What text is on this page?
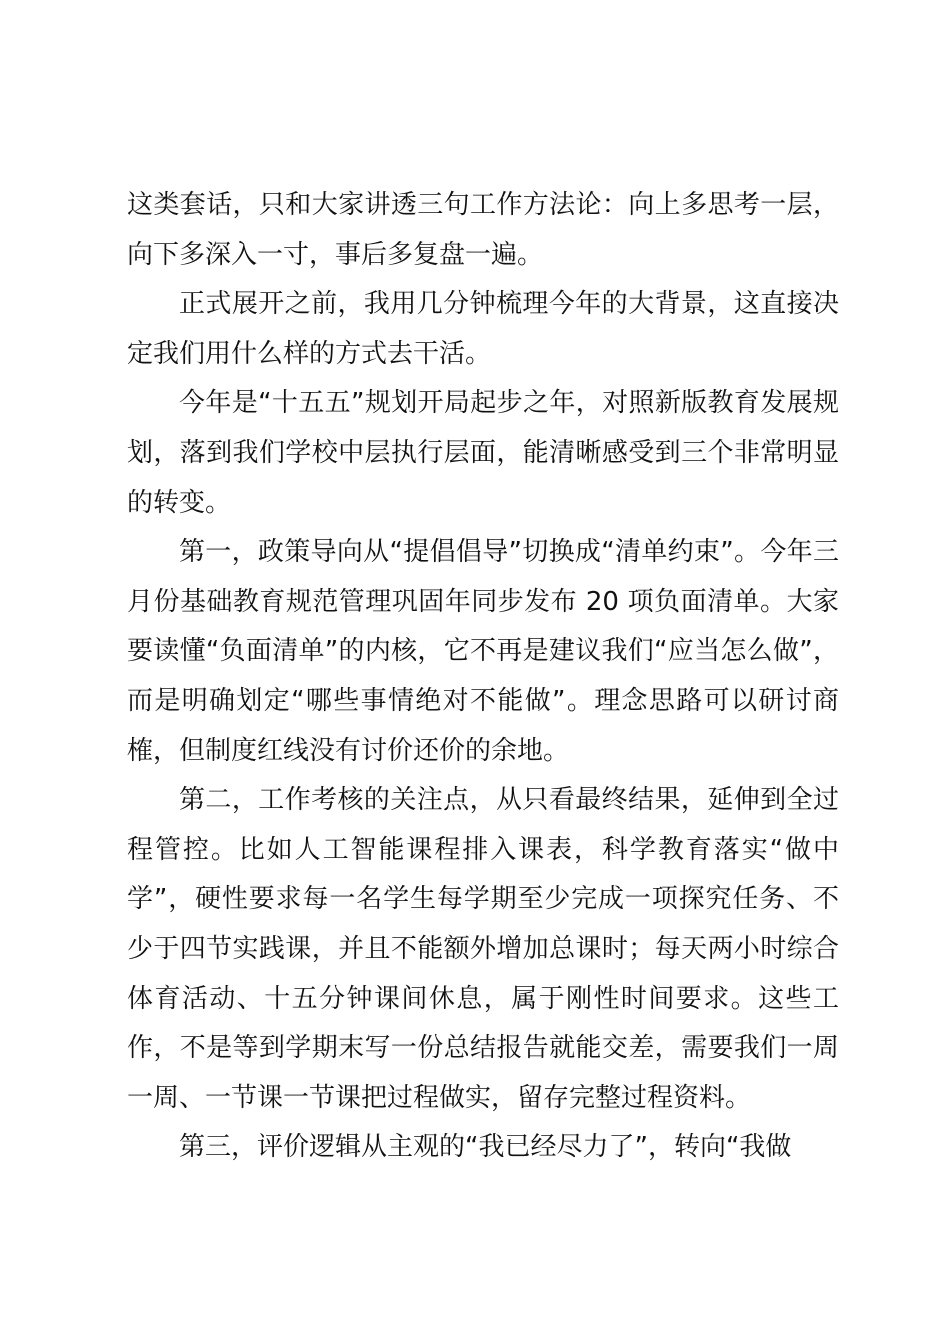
这类套话，只和大家讲透三句工作方法论：向上多思考一层，向下多深入一寸，事后多复盘一遍。

正式展开之前，我用几分钟梳理今年的大背景，这直接决定我们用什么样的方式去干活。

今年是“十五五”规划开局起步之年，对照新版教育发展规划，落到我们学校中层执行层面，能清晰感受到三个非常明显的转变。

第一，政策导向从“提倡倡导”切换成“清单约束”。今年三月份基础教育规范管理巩固年同步发布 20 项负面清单。大家要读懂“负面清单”的内核，它不再是建议我们“应当怎么做”，而是明确划定“哪些事情绝对不能做”。理念思路可以研讨商榷，但制度红线没有讨价还价的余地。

第二，工作考核的关注点，从只看最终结果，延伸到全过程管控。比如人工智能课程排入课表，科学教育落实“做中学”，硬性要求每一名学生每学期至少完成一项探究任务、不少于四节实践课，并且不能额外增加总课时；每天两小时综合体育活动、十五分钟课间休息，属于刚性时间要求。这些工作，不是等到学期末写一份总结报告就能交差，需要我们一周一周、一节课一节课把过程做实，留存完整过程资料。

第三，评价逻辑从主观的“我已经尽力了”，转向“我做
